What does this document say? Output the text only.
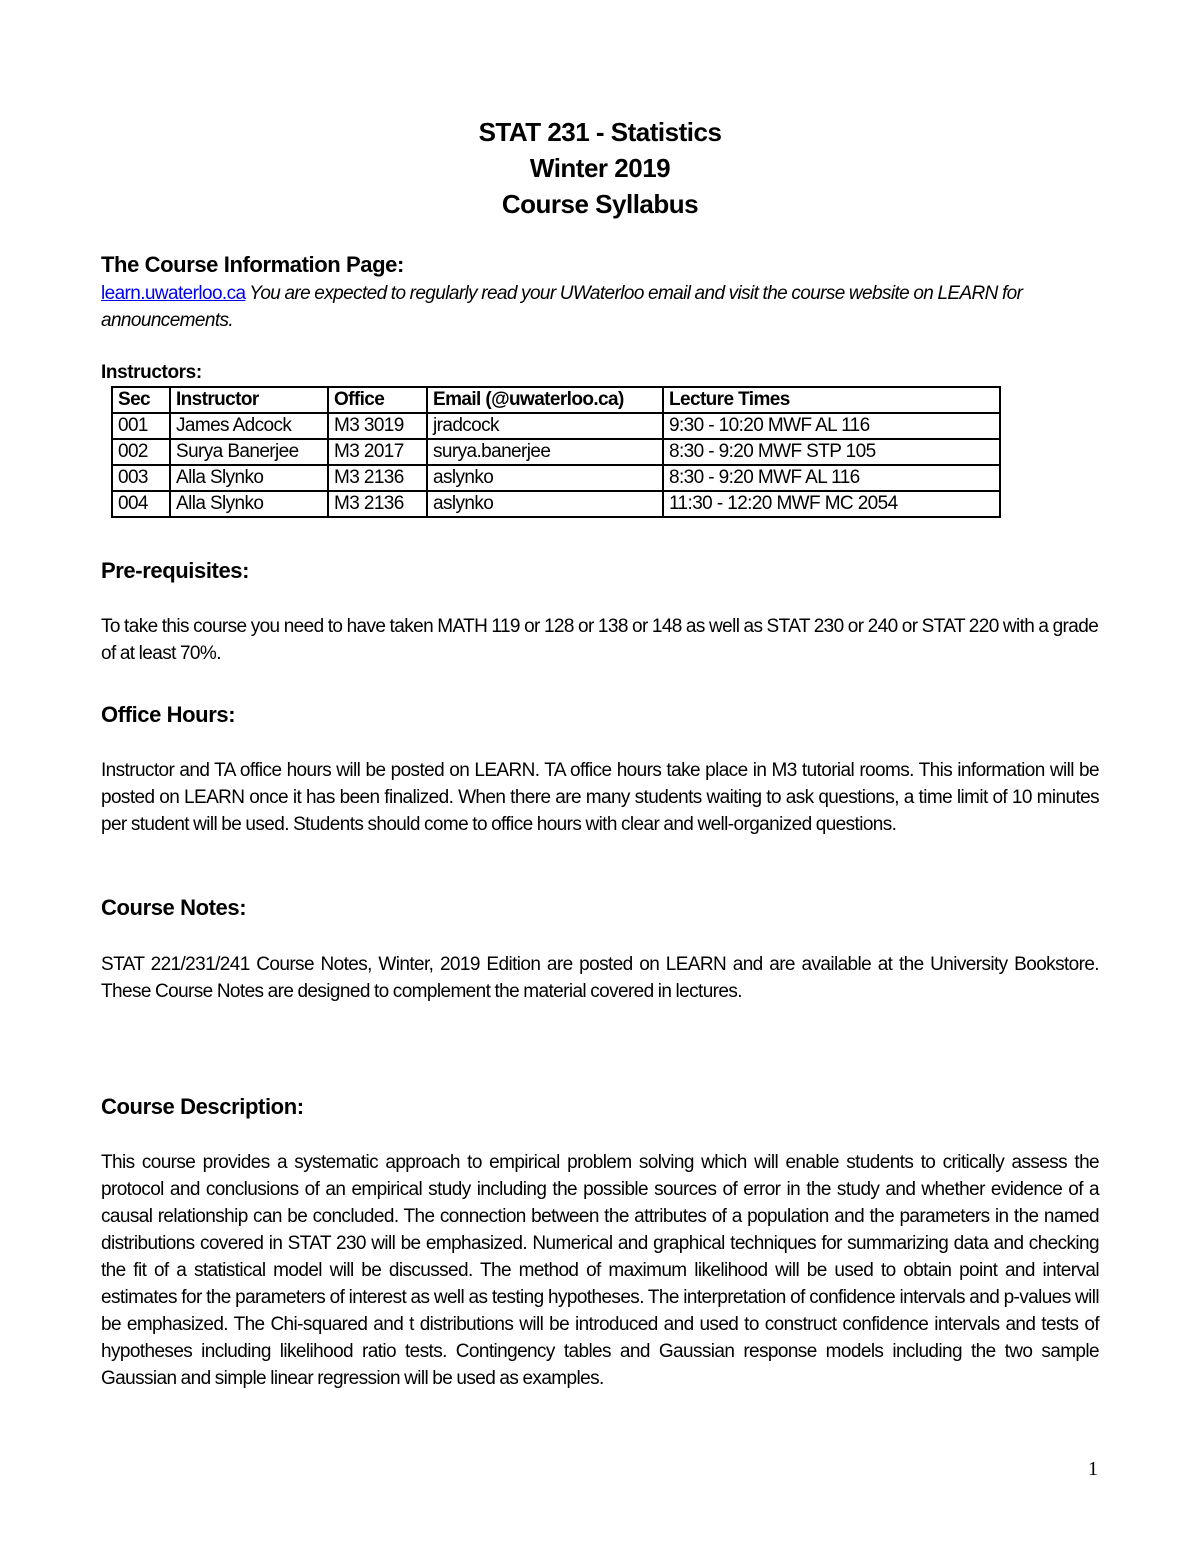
STAT 231 - Statistics
Winter 2019
Course Syllabus
The Course Information Page:
learn.uwaterloo.ca You are expected to regularly read your UWaterloo email and visit the course website on LEARN for announcements.
Instructors:
Sec	Instructor	Office	Email (@uwaterloo.ca)	Lecture Times
001	James Adcock	M3 3019	jradcock	9:30 - 10:20 MWF AL 116
002	Surya Banerjee	M3 2017	surya.banerjee	8:30 - 9:20 MWF STP 105
003	Alla Slynko	M3 2136	aslynko	8:30 - 9:20 MWF AL 116
004	Alla Slynko	M3 2136	aslynko	11:30 - 12:20 MWF MC 2054
Pre-requisites:
To take this course you need to have taken MATH 119 or 128 or 138 or 148 as well as STAT 230 or 240 or STAT 220 with a grade of at least 70%.
Office Hours:
Instructor and TA office hours will be posted on LEARN. TA office hours take place in M3 tutorial rooms. This information will be posted on LEARN once it has been finalized. When there are many students waiting to ask questions, a time limit of 10 minutes per student will be used. Students should come to office hours with clear and well-organized questions.
Course Notes:
STAT 221/231/241 Course Notes, Winter, 2019 Edition are posted on LEARN and are available at the University Bookstore. These Course Notes are designed to complement the material covered in lectures.
Course Description:
This course provides a systematic approach to empirical problem solving which will enable students to critically assess the protocol and conclusions of an empirical study including the possible sources of error in the study and whether evidence of a causal relationship can be concluded. The connection between the attributes of a population and the parameters in the named distributions covered in STAT 230 will be emphasized. Numerical and graphical techniques for summarizing data and checking the fit of a statistical model will be discussed. The method of maximum likelihood will be used to obtain point and interval estimates for the parameters of interest as well as testing hypotheses. The interpretation of confidence intervals and p-values will be emphasized. The Chi-squared and t distributions will be introduced and used to construct confidence intervals and tests of hypotheses including likelihood ratio tests. Contingency tables and Gaussian response models including the two sample Gaussian and simple linear regression will be used as examples.
1
